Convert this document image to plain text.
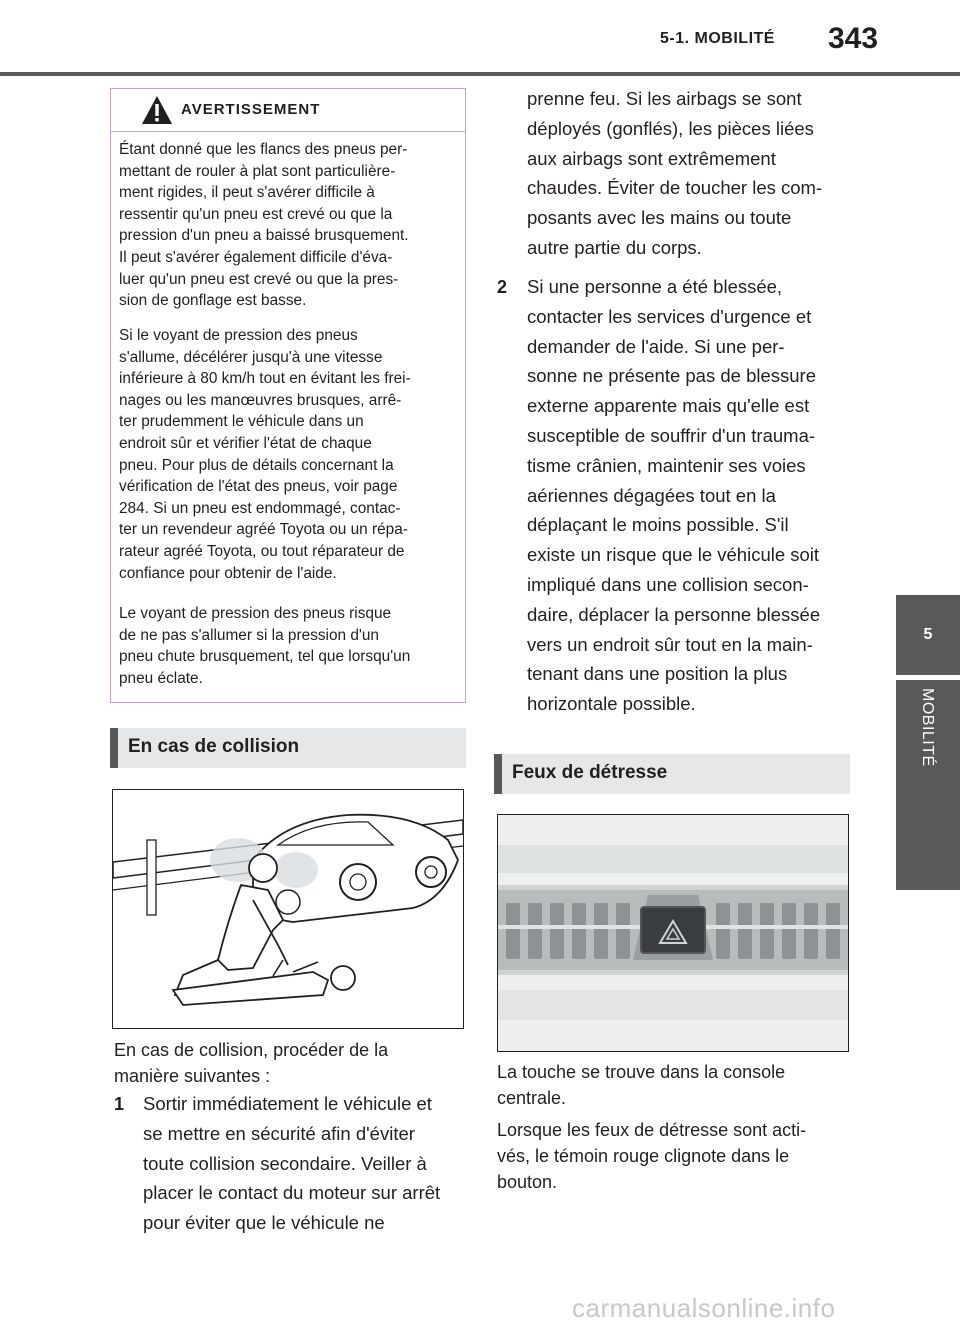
5-1. MOBILITÉ 343
5
MOBILITÉ
AVERTISSEMENT
Étant donné que les flancs des pneus per-
mettant de rouler à plat sont particulière-
ment rigides, il peut s'avérer difficile à
ressentir qu'un pneu est crevé ou que la
pression d'un pneu a baissé brusquement.
Il peut s'avérer également difficile d'éva-
luer qu'un pneu est crevé ou que la pres-
sion de gonflage est basse.
Si le voyant de pression des pneus
s'allume, décélérer jusqu'à une vitesse
inférieure à 80 km/h tout en évitant les frei-
nages ou les manœuvres brusques, arrê-
ter prudemment le véhicule dans un
endroit sûr et vérifier l'état de chaque
pneu. Pour plus de détails concernant la
vérification de l'état des pneus, voir page
284. Si un pneu est endommagé, contac-
ter un revendeur agréé Toyota ou un répa-
rateur agréé Toyota, ou tout réparateur de
confiance pour obtenir de l'aide.
Le voyant de pression des pneus risque
de ne pas s'allumer si la pression d'un
pneu chute brusquement, tel que lorsqu'un
pneu éclate.
En cas de collision
En cas de collision, procéder de la
manière suivantes :
1 Sortir immédiatement le véhicule et
se mettre en sécurité afin d'éviter
toute collision secondaire. Veiller à
placer le contact du moteur sur arrêt
pour éviter que le véhicule ne
prenne feu. Si les airbags se sont
déployés (gonflés), les pièces liées
aux airbags sont extrêmement
chaudes. Éviter de toucher les com-
posants avec les mains ou toute
autre partie du corps.
2 Si une personne a été blessée,
contacter les services d'urgence et
demander de l'aide. Si une per-
sonne ne présente pas de blessure
externe apparente mais qu'elle est
susceptible de souffrir d'un trauma-
tisme crânien, maintenir ses voies
aériennes dégagées tout en la
déplaçant le moins possible. S'il
existe un risque que le véhicule soit
impliqué dans une collision secon-
daire, déplacer la personne blessée
vers un endroit sûr tout en la main-
tenant dans une position la plus
horizontale possible.
Feux de détresse
La touche se trouve dans la console
centrale.
Lorsque les feux de détresse sont acti-
vés, le témoin rouge clignote dans le
bouton.
carmanualsonline.info
